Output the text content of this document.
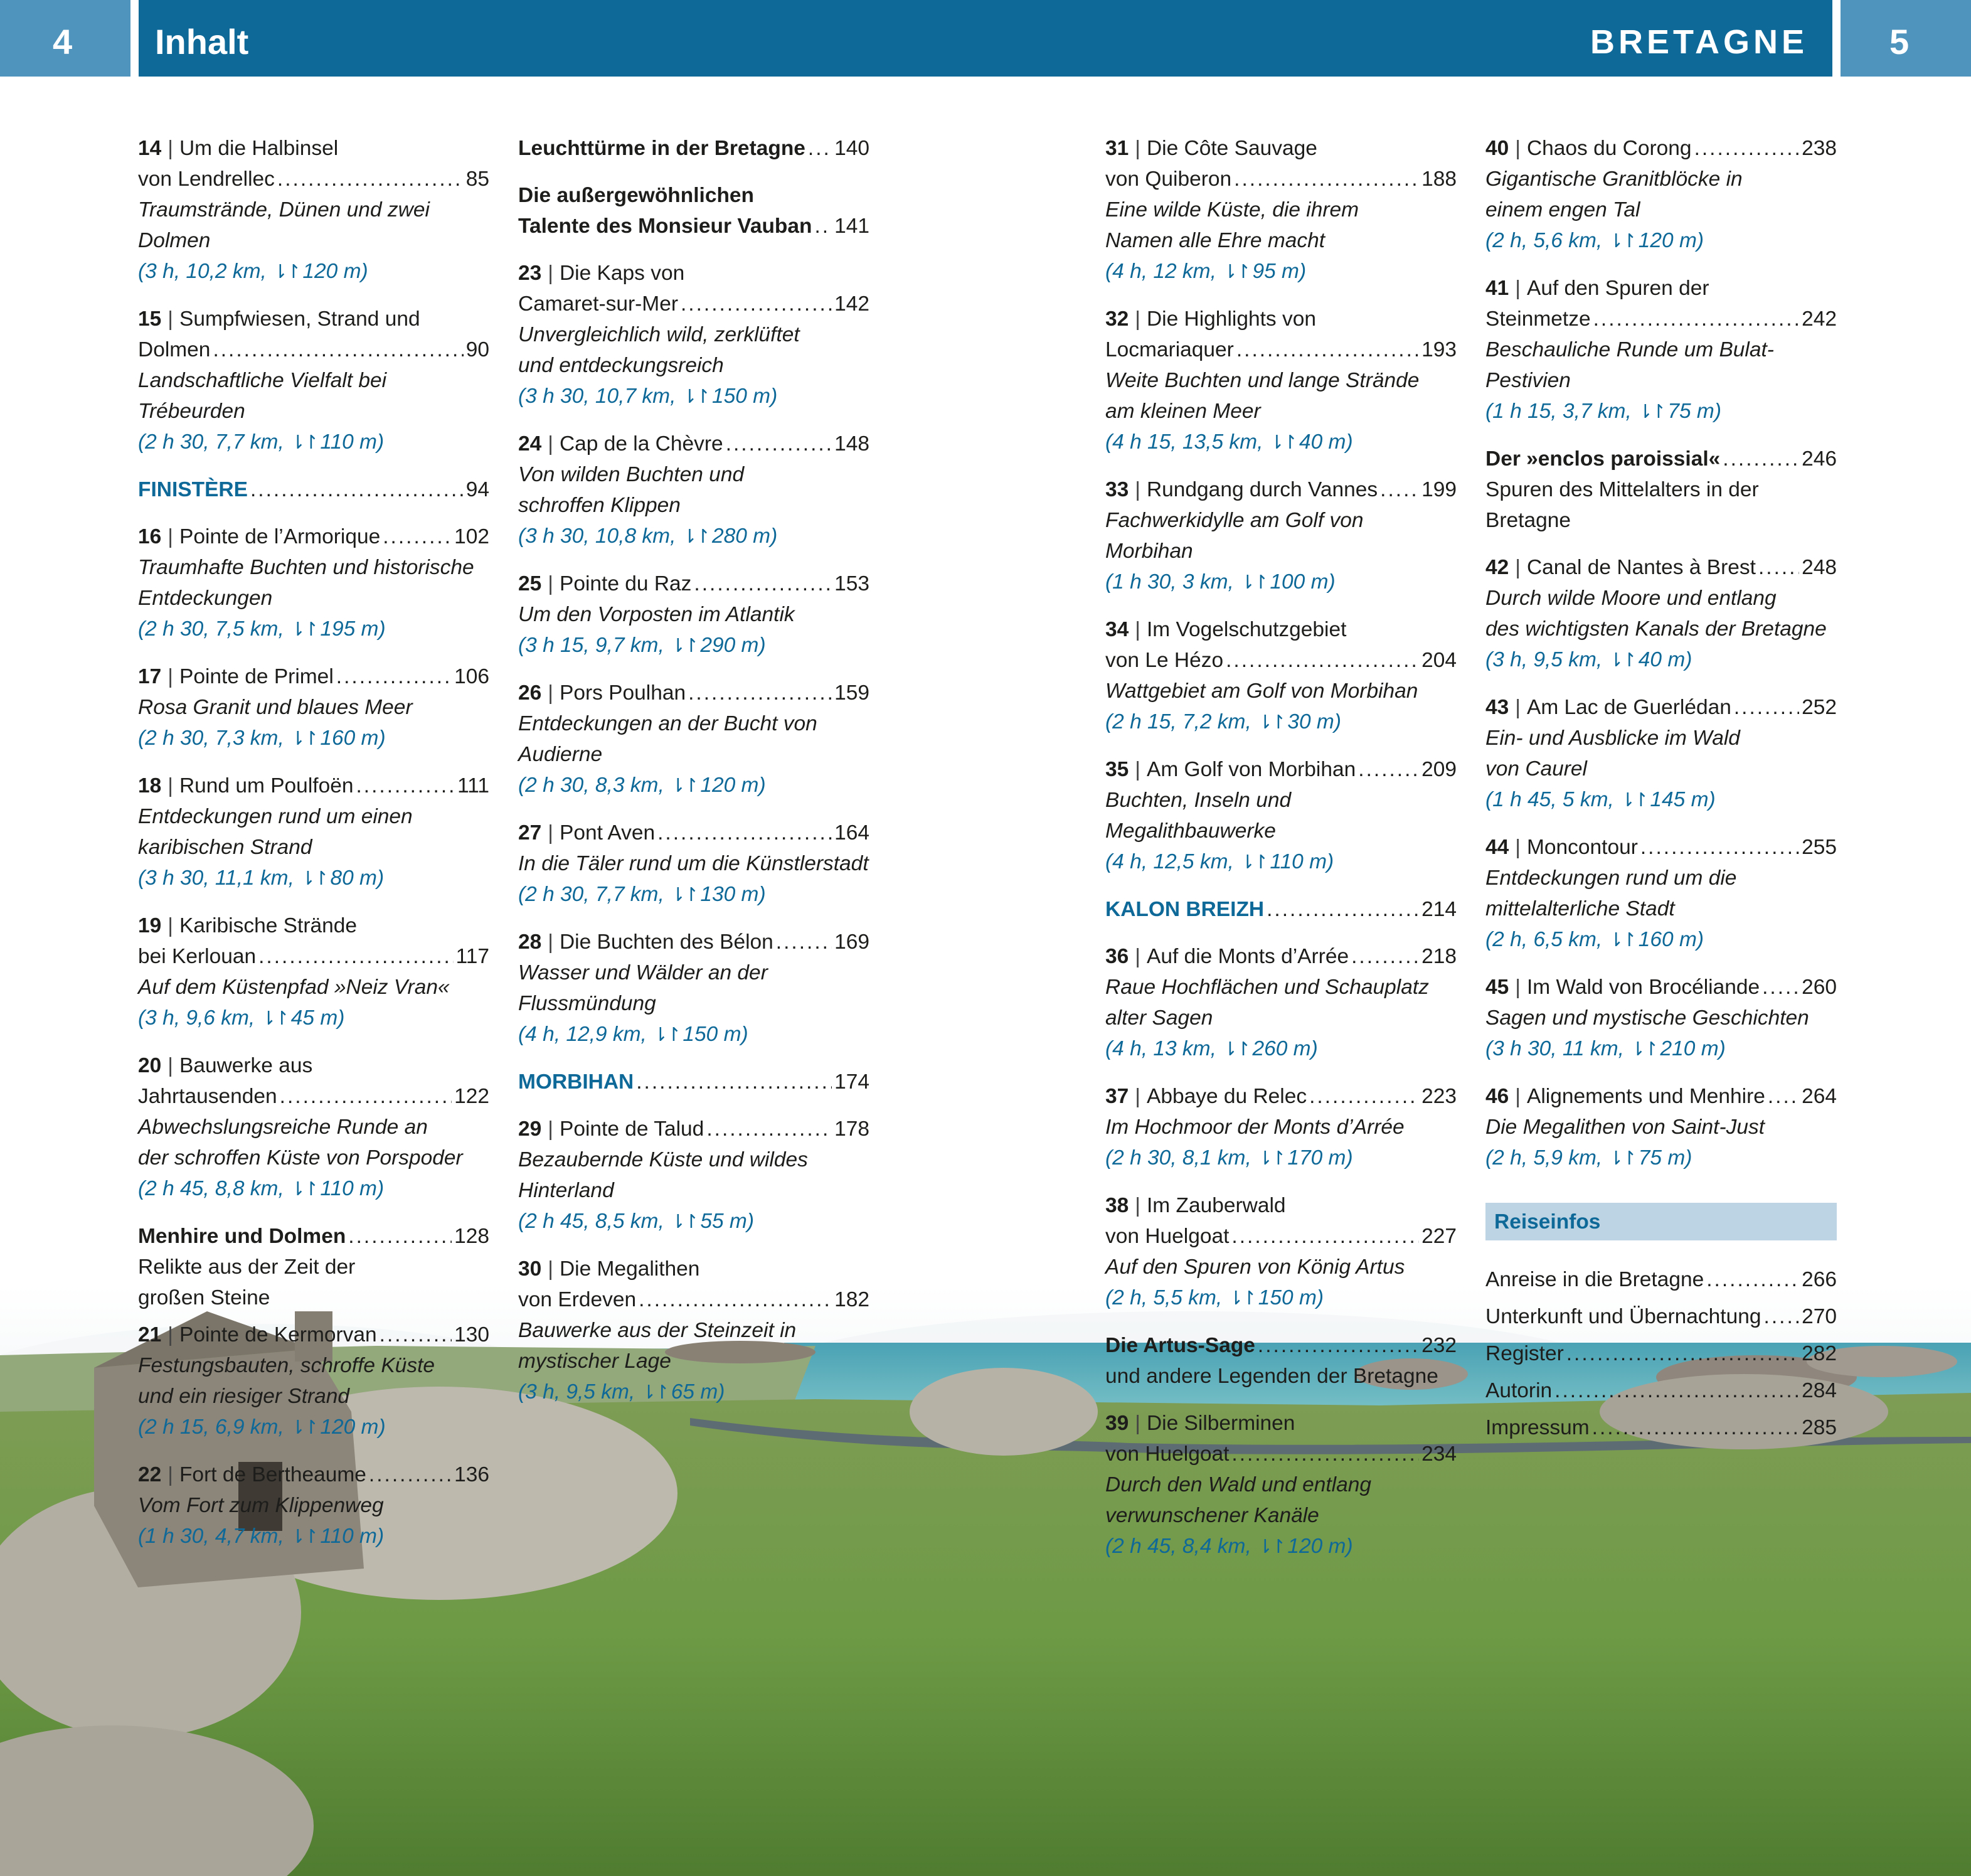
4 Inhalt	BRETAGNE 5
14 | Um die Halbinsel
von Lendrellec .....	85
Traumstrände, Dünen und zwei Dolmen
(3 h, 10,2 km, ⇂↾ 120 m)
15 | Sumpfwiesen, Strand und
Dolmen .....	90
Landschaftliche Vielfalt bei Trébeurden
(2 h 30, 7,7 km, ⇂↾ 110 m)
FINISTÈRE .....	94
16 | Pointe de l’Armorique .....	102
Traumhafte Buchten und historische
Entdeckungen
(2 h 30, 7,5 km, ⇂↾ 195 m)
17 | Pointe de Primel .....	106
Rosa Granit und blaues Meer
(2 h 30, 7,3 km, ⇂↾ 160 m)
18 | Rund um Poulfoën .....	111
Entdeckungen rund um einen
karibischen Strand
(3 h 30, 11,1 km, ⇂↾ 80 m)
19 | Karibische Strände
bei Kerlouan .....	117
Auf dem Küstenpfad »Neiz Vran«
(3 h, 9,6 km, ⇂↾ 45 m)
20 | Bauwerke aus
Jahrtausenden .....	122
Abwechslungsreiche Runde an
der schroffen Küste von Porspoder
(2 h 45, 8,8 km, ⇂↾ 110 m)
Menhire und Dolmen .....	128
Relikte aus der Zeit der
großen Steine
21 | Pointe de Kermorvan .....	130
Festungsbauten, schroffe Küste
und ein riesiger Strand
(2 h 15, 6,9 km, ⇂↾ 120 m)
22 | Fort de Bertheaume .....	136
Vom Fort zum Klippenweg
(1 h 30, 4,7 km, ⇂↾ 110 m)
Leuchttürme in der Bretagne ..... 140
Die außergewöhnlichen
Talente des Monsieur Vauban ..... 141
23 | Die Kaps von
Camaret-sur-Mer .....	142
Unvergleichlich wild, zerklüftet
und entdeckungsreich
(3 h 30, 10,7 km, ⇂↾ 150 m)
24 | Cap de la Chèvre .....	148
Von wilden Buchten und
schroffen Klippen
(3 h 30, 10,8 km, ⇂↾ 280 m)
25 | Pointe du Raz .....	153
Um den Vorposten im Atlantik
(3 h 15, 9,7 km, ⇂↾ 290 m)
26 | Pors Poulhan .....	159
Entdeckungen an der Bucht von
Audierne
(2 h 30, 8,3 km, ⇂↾ 120 m)
27 | Pont Aven .....	164
In die Täler rund um die Künstlerstadt
(2 h 30, 7,7 km, ⇂↾ 130 m)
28 | Die Buchten des Bélon .....	169
Wasser und Wälder an der
Flussmündung
(4 h, 12,9 km, ⇂↾ 150 m)
MORBIHAN .....	174
29 | Pointe de Talud .....	178
Bezaubernde Küste und wildes
Hinterland
(2 h 45, 8,5 km, ⇂↾ 55 m)
30 | Die Megalithen
von Erdeven .....	182
Bauwerke aus der Steinzeit in
mystischer Lage
(3 h, 9,5 km, ⇂↾ 65 m)
31 | Die Côte Sauvage
von Quiberon .....	188
Eine wilde Küste, die ihrem
Namen alle Ehre macht
(4 h, 12 km, ⇂↾ 95 m)
32 | Die Highlights von
Locmariaquer .....	193
Weite Buchten und lange Strände
am kleinen Meer
(4 h 15, 13,5 km, ⇂↾ 40 m)
33 | Rundgang durch Vannes ..... 199
Fachwerkidylle am Golf von Morbihan
(1 h 30, 3 km, ⇂↾ 100 m)
34 | Im Vogelschutzgebiet
von Le Hézo .....	204
Wattgebiet am Golf von Morbihan
(2 h 15, 7,2 km, ⇂↾ 30 m)
35 | Am Golf von Morbihan .....	209
Buchten, Inseln und Megalithbauwerke
(4 h, 12,5 km, ⇂↾ 110 m)
KALON BREIZH .....	214
36 | Auf die Monts d’Arrée .....	218
Raue Hochflächen und Schauplatz
alter Sagen
(4 h, 13 km, ⇂↾ 260 m)
37 | Abbaye du Relec .....	223
Im Hochmoor der Monts d’Arrée
(2 h 30, 8,1 km, ⇂↾ 170 m)
38 | Im Zauberwald
von Huelgoat .....	227
Auf den Spuren von König Artus
(2 h, 5,5 km, ⇂↾ 150 m)
Die Artus-Sage .....	232
und andere Legenden der Bretagne
39 | Die Silberminen
von Huelgoat .....	234
Durch den Wald und entlang
verwunschener Kanäle
(2 h 45, 8,4 km, ⇂↾ 120 m)
40 | Chaos du Corong .....	238
Gigantische Granitblöcke in
einem engen Tal
(2 h, 5,6 km, ⇂↾ 120 m)
41 | Auf den Spuren der
Steinmetze .....	242
Beschauliche Runde um Bulat-
Pestivien
(1 h 15, 3,7 km, ⇂↾ 75 m)
Der »enclos paroissial« .....	246
Spuren des Mittelalters in der Bretagne
42 | Canal de Nantes à Brest ..... 248
Durch wilde Moore und entlang
des wichtigsten Kanals der Bretagne
(3 h, 9,5 km, ⇂↾ 40 m)
43 | Am Lac de Guerlédan .....	252
Ein- und Ausblicke im Wald
von Caurel
(1 h 45, 5 km, ⇂↾ 145 m)
44 | Moncontour .....	255
Entdeckungen rund um die
mittelalterliche Stadt
(2 h, 6,5 km, ⇂↾ 160 m)
45 | Im Wald von Brocéliande ..... 260
Sagen und mystische Geschichten
(3 h 30, 11 km, ⇂↾ 210 m)
46 | Alignements und Menhire ..... 264
Die Megalithen von Saint-Just
(2 h, 5,9 km, ⇂↾ 75 m)
Reiseinfos
Anreise in die Bretagne .....	266
Unterkunft und Übernachtung ..... 270
Register .....	282
Autorin .....	284
Impressum .....	285
